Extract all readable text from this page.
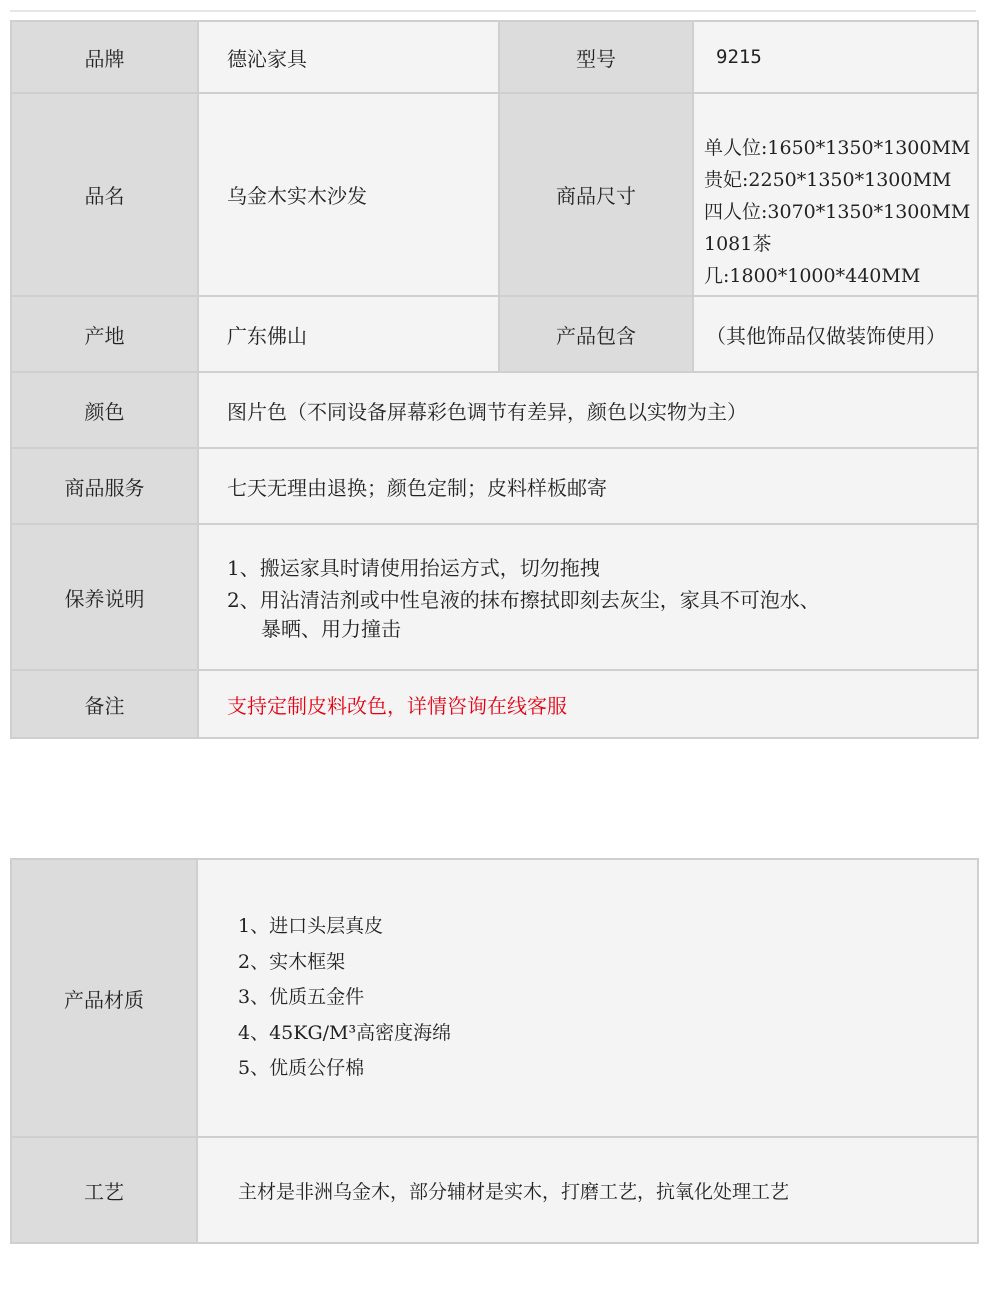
品牌	德沁家具	型号	9215
品名	乌金木实木沙发	商品尺寸	单人位:1650*1350*1300MM
贵妃:2250*1350*1300MM
四人位:3070*1350*1300MM
1081茶几:1800*1000*440MM

产地	广东佛山	产品包含	（其他饰品仅做装饰使用）
颜色	图片色（不同设备屏幕彩色调节有差异，颜色以实物为主）		
商品服务	七天无理由退换；颜色定制；皮料样板邮寄		
保养说明	1、搬运家具时请使用抬运方式，切勿拖拽
2、用沾清洁剂或中性皂液的抹布擦拭即刻去灰尘，家具不可泡水、
暴晒、用力撞击		

备注	支持定制皮料改色，详情咨询在线客服		
产品材质	1、进口头层真皮
2、实木框架
3、优质五金件
4、45KG/M³高密度海绵
5、优质公仔棉

工艺	主材是非洲乌金木，部分辅材是实木，打磨工艺，抗氧化处理工艺
